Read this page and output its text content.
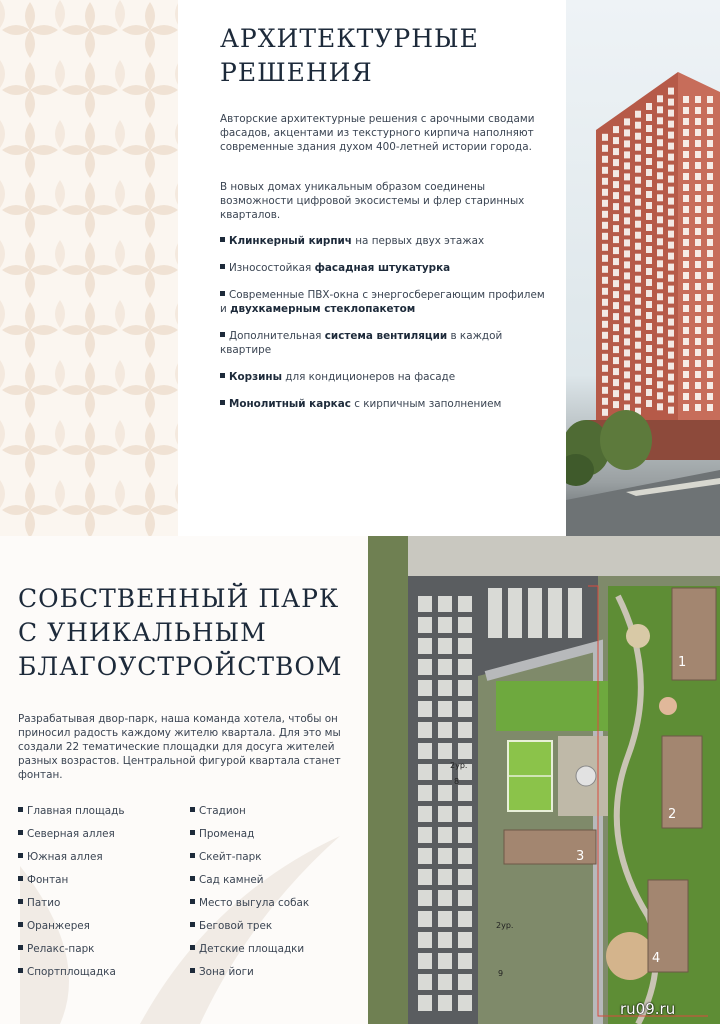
АРХИТЕКТУРНЫЕ
РЕШЕНИЯ

Авторские архитектурные решения с арочными сводами фасадов, акцентами из текстурного кирпича наполняют современные здания духом 400-летней истории города.

В новых домах уникальным образом соединены возможности цифровой экосистемы и флер старинных кварталов.

Клинкерный кирпич на первых двух этажах
Износостойкая фасадная штукатурка
Современные ПВХ-окна с энергосберегающим профилем и двухкамерным стеклопакетом
Дополнительная система вентиляции в каждой квартире
Корзины для кондиционеров на фасаде
Монолитный каркас с кирпичным заполнением
СОБСТВЕННЫЙ ПАРК
С УНИКАЛЬНЫМ
БЛАГОУСТРОЙСТВОМ

Разрабатывая двор-парк, наша команда хотела, чтобы он приносил радость каждому жителю квартала. Для это мы создали 22 тематические площадки для досуга жителей разных возрастов. Центральной фигурой квартала станет фонтан.

Главная площадь
Северная аллея
Южная аллея
Фонтан
Патио
Оранжерея
Релакс-парк
Спортплощадка
Стадион
Променад
Скейт-парк
Сад камней
Место выгула собак
Беговой трек
Детские площадки
Зона йоги
1
2
3
4
2ур.
8
2ур.
9
ru09.ru
